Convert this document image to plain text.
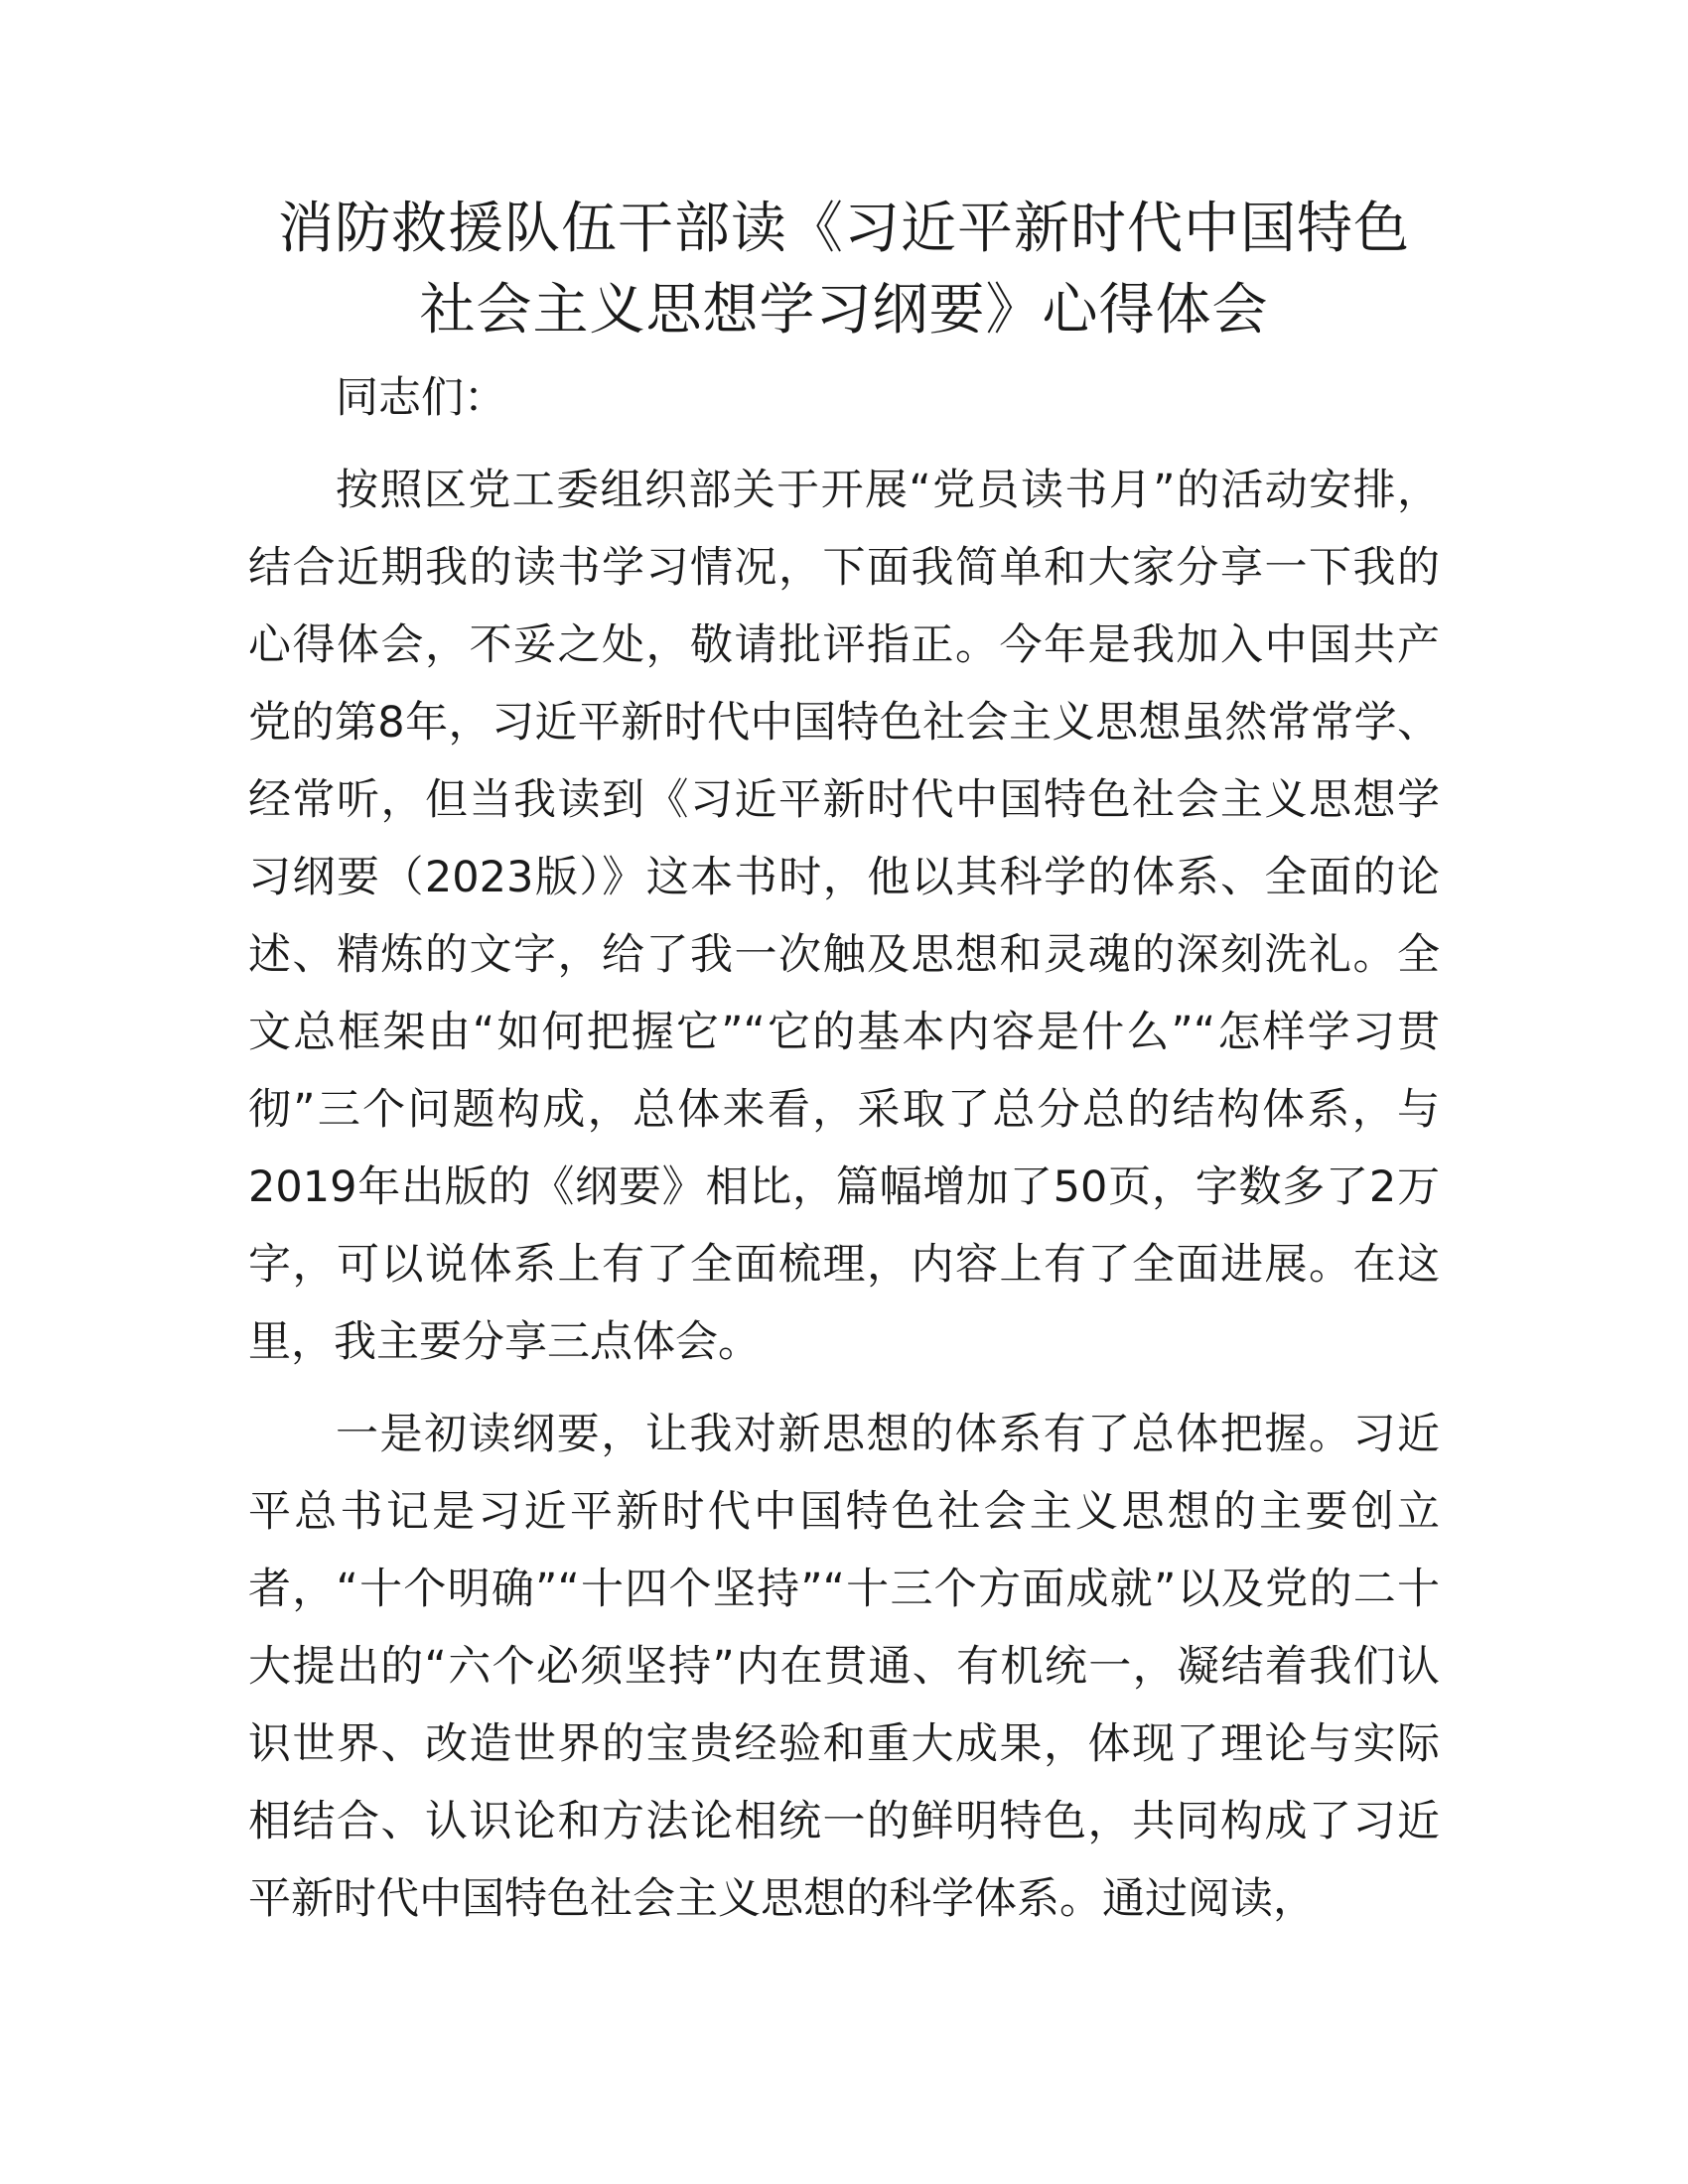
消防救援队伍干部读《习近平新时代中国特色
社会主义思想学习纲要》心得体会

同志们：

按照区党工委组织部关于开展“党员读书月”的活动安排，结合近期我的读书学习情况，下面我简单和大家分享一下我的心得体会，不妥之处，敬请批评指正。今年是我加入中国共产党的第8年，习近平新时代中国特色社会主义思想虽然常常学、经常听，但当我读到《习近平新时代中国特色社会主义思想学习纲要（2023版）》这本书时，他以其科学的体系、全面的论述、精炼的文字，给了我一次触及思想和灵魂的深刻洗礼。全文总框架由“如何把握它”“它的基本内容是什么”“怎样学习贯彻”三个问题构成，总体来看，采取了总分总的结构体系，与2019年出版的《纲要》相比，篇幅增加了50页，字数多了2万字，可以说体系上有了全面梳理，内容上有了全面进展。在这里，我主要分享三点体会。

一是初读纲要，让我对新思想的体系有了总体把握。习近平总书记是习近平新时代中国特色社会主义思想的主要创立者，“十个明确”“十四个坚持”“十三个方面成就”以及党的二十大提出的“六个必须坚持”内在贯通、有机统一，凝结着我们认识世界、改造世界的宝贵经验和重大成果，体现了理论与实际相结合、认识论和方法论相统一的鲜明特色，共同构成了习近平新时代中国特色社会主义思想的科学体系。通过阅读，
